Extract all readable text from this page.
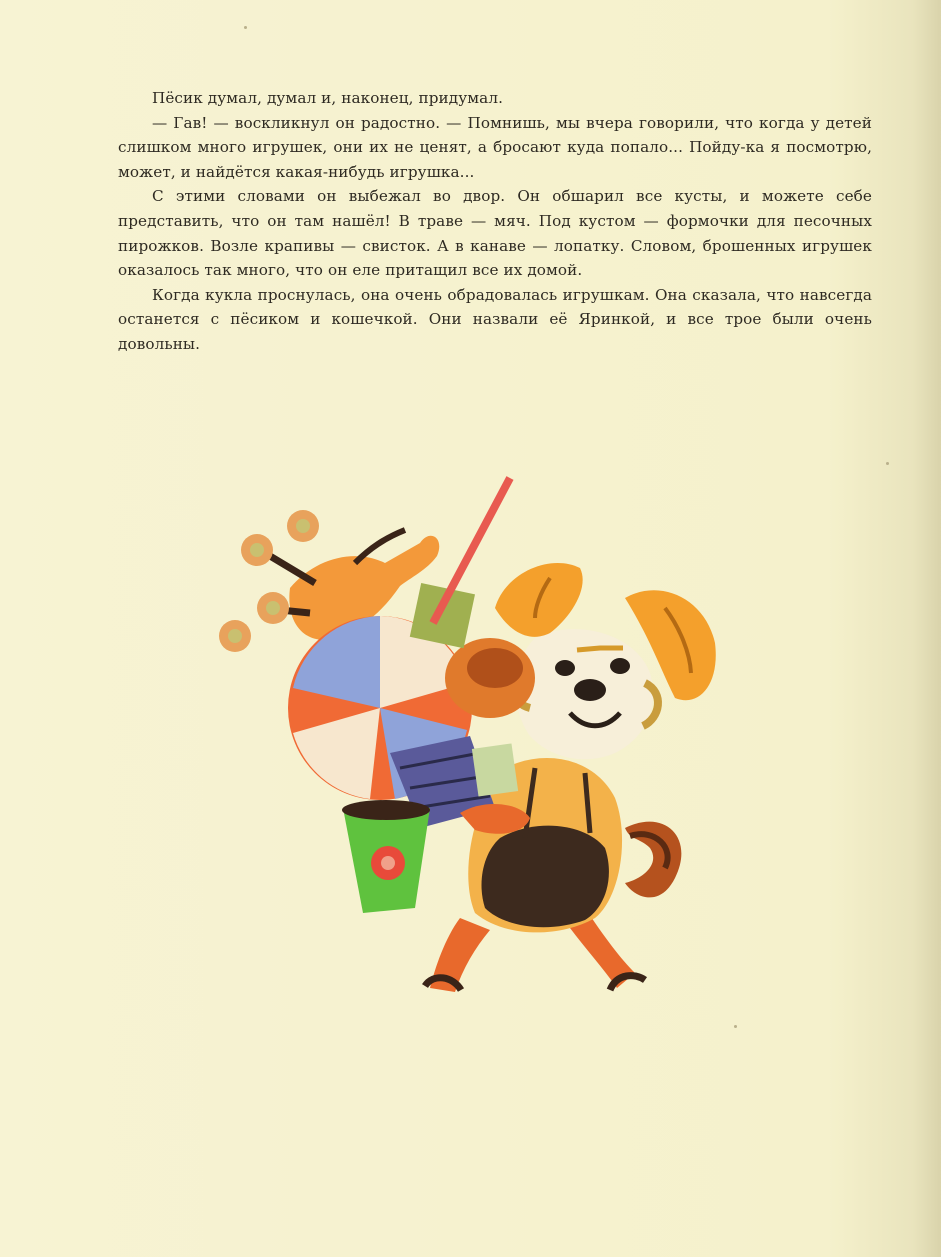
Пёсик думал, думал и, наконец, придумал.

— Гав! — воскликнул он радостно. — Помнишь, мы вчера говорили, что когда у детей слишком много игрушек, они их не ценят, а бросают куда попало... Пойду-ка я посмотрю, может, и найдётся какая-нибудь игрушка...

С этими словами он выбежал во двор. Он обшарил все кусты, и можете себе представить, что он там нашёл! В траве — мяч. Под кустом — формочки для песочных пирожков. Возле крапивы — свисток. А в канаве — лопатку. Словом, брошенных игрушек оказалось так много, что он еле притащил все их домой.

Когда кукла проснулась, она очень обрадовалась игрушкам. Она сказала, что навсегда останется с пёсиком и кошечкой. Они назвали её Яринкой, и все трое были очень довольны.
